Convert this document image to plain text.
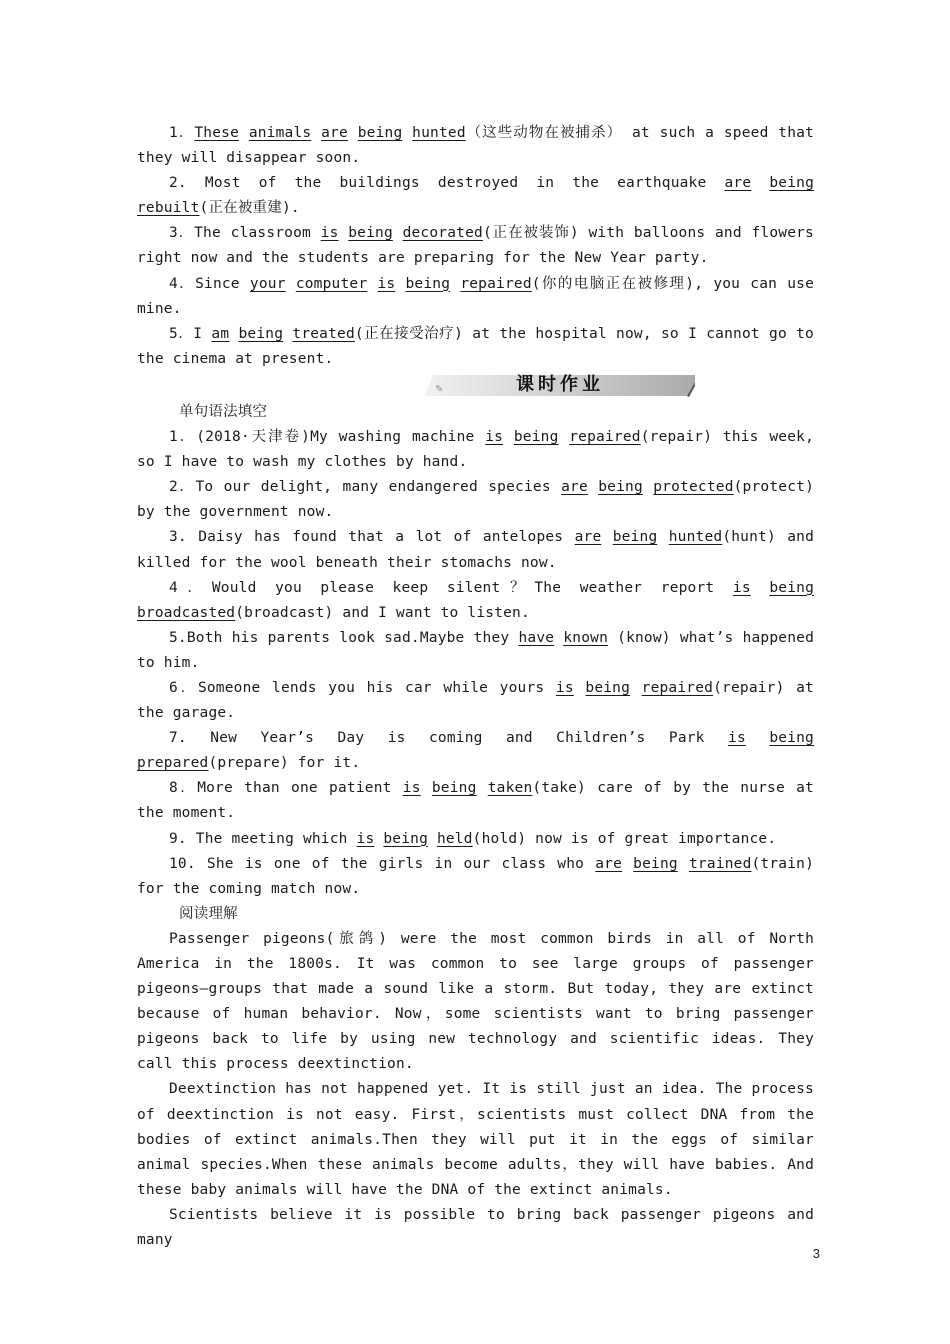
1．These animals are being hunted（这些动物在被捕杀） at such a speed that they will disappear soon.

2. Most of the buildings destroyed in the earthquake are being rebuilt(正在被重建).

3．The classroom is being decorated(正在被装饰) with balloons and flowers right now and the students are preparing for the New Year party.

4．Since your computer is being repaired(你的电脑正在被修理), you can use mine.

5．I am being treated(正在接受治疗) at the hospital now, so I cannot go to the cinema at present.

✎	课时作业

单句语法填空

1．(2018·天津卷)My washing machine is being repaired(repair) this week, so I have to wash my clothes by hand.

2．To our delight, many endangered species are being protected(protect) by the government now.

3. Daisy has found that a lot of antelopes are being hunted(hunt) and killed for the wool beneath their stomachs now.

4．Would you please keep silent？The weather report is being broadcasted(broadcast) and I want to listen.

5.Both his parents look sad.Maybe they have known (know) what’s happened to him.

6．Someone lends you his car while yours is being repaired(repair) at the garage.

7. New Year’s Day is coming and Children’s Park is being prepared(prepare) for it.

8．More than one patient is being taken(take) care of by the nurse at the moment.

9. The meeting which is being held(hold) now is of great importance.

10. She is one of the girls in our class who are being trained(train) for the coming match now.

阅读理解

Passenger pigeons(旅鸽) were the most common birds in all of North America in the 1800s. It was common to see large groups of passenger pigeons—groups that made a sound like a storm. But today, they are extinct because of human behavior. Now，some scientists want to bring passenger pigeons back to life by using new technology and scientific ideas. They call this process deextinction.

Deextinction has not happened yet. It is still just an idea. The process of deextinction is not easy. First，scientists must collect DNA from the bodies of extinct animals.Then they will put it in the eggs of similar animal species.When these animals become adults，they will have babies. And these baby animals will have the DNA of the extinct animals.

Scientists believe it is possible to bring back passenger pigeons and many

3
